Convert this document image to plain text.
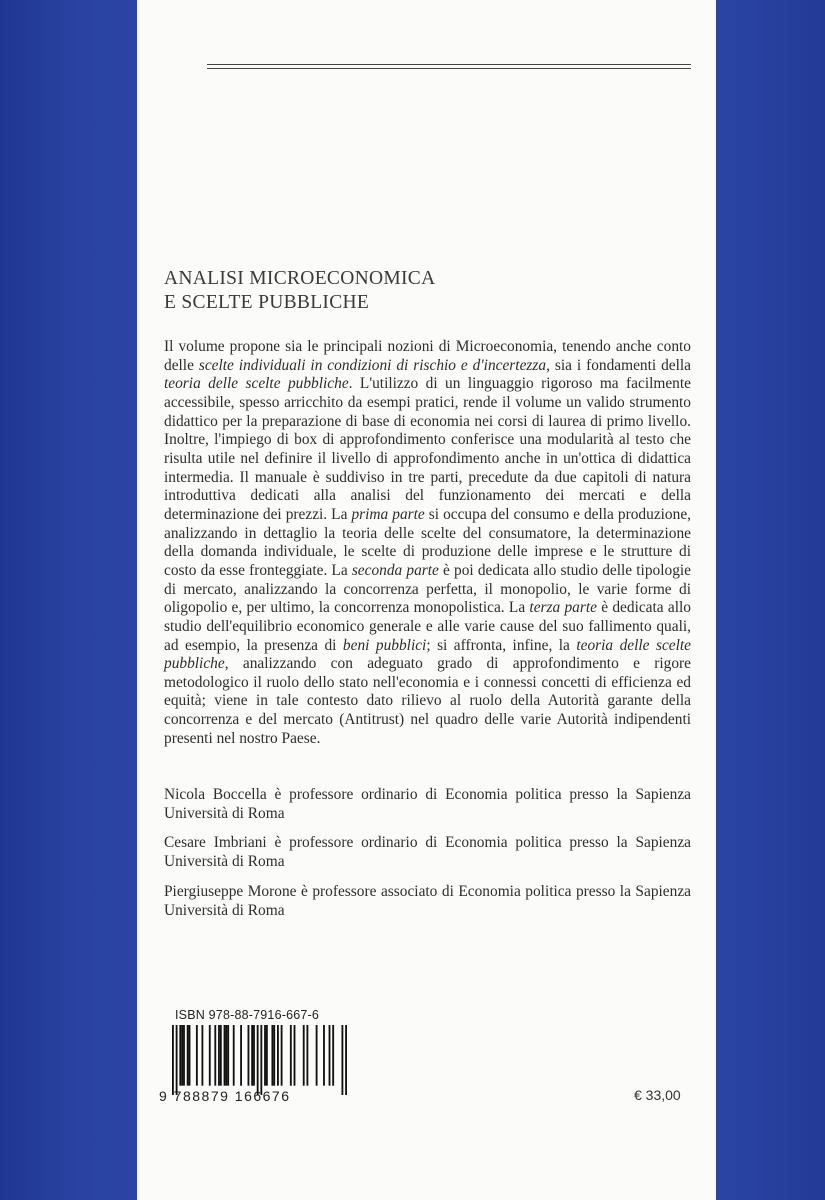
ANALISI MICROECONOMICA
E SCELTE PUBBLICHE

Il volume propone sia le principali nozioni di Microeconomia, tenendo anche conto delle scelte individuali in condizioni di rischio e d'incertezza, sia i fondamenti della teoria delle scelte pubbliche. L'utilizzo di un linguaggio rigoroso ma facilmente accessibile, spesso arricchito da esempi pratici, rende il volume un valido strumento didattico per la preparazione di base di economia nei corsi di laurea di primo livello. Inoltre, l'impiego di box di approfondimento conferisce una modularità al testo che risulta utile nel definire il livello di approfondimento anche in un'ottica di didattica intermedia. Il manuale è suddiviso in tre parti, precedute da due capitoli di natura introduttiva dedicati alla analisi del funzionamento dei mercati e della determinazione dei prezzi. La prima parte si occupa del consumo e della produzione, analizzando in dettaglio la teoria delle scelte del consumatore, la determinazione della domanda individuale, le scelte di produzione delle imprese e le strutture di costo da esse fronteggiate. La seconda parte è poi dedicata allo studio delle tipologie di mercato, analizzando la concorrenza perfetta, il monopolio, le varie forme di oligopolio e, per ultimo, la concorrenza monopolistica. La terza parte è dedicata allo studio dell'equilibrio economico generale e alle varie cause del suo fallimento quali, ad esempio, la presenza di beni pubblici; si affronta, infine, la teoria delle scelte pubbliche, analizzando con adeguato grado di approfondimento e rigore metodologico il ruolo dello stato nell'economia e i connessi concetti di efficienza ed equità; viene in tale contesto dato rilievo al ruolo della Autorità garante della concorrenza e del mercato (Antitrust) nel quadro delle varie Autorità indipendenti presenti nel nostro Paese.

Nicola Boccella è professore ordinario di Economia politica presso la Sapienza Università di Roma

Cesare Imbriani è professore ordinario di Economia politica presso la Sapienza Università di Roma

Piergiuseppe Morone è professore associato di Economia politica presso la Sapienza Università di Roma

ISBN 978-88-7916-667-6
9 788879 166676	€ 33,00
